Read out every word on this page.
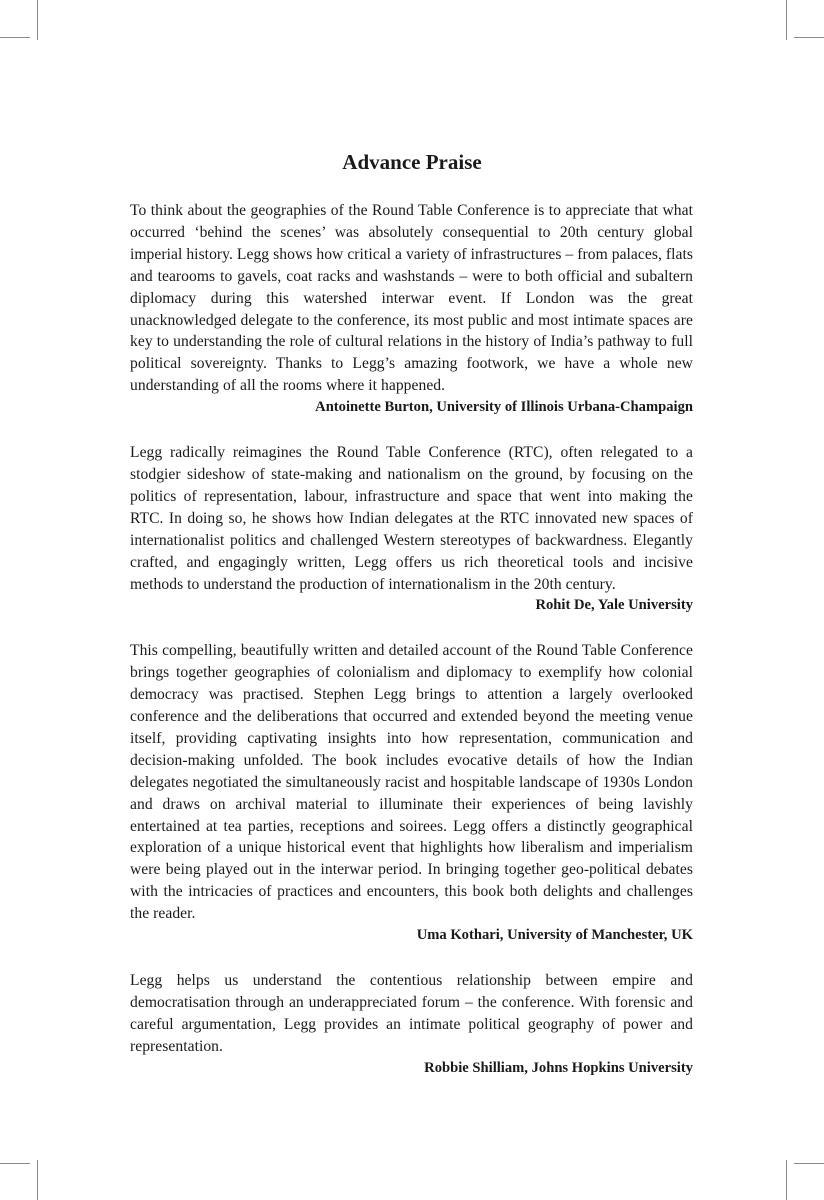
Advance Praise

To think about the geographies of the Round Table Conference is to appreciate that what occurred ‘behind the scenes’ was absolutely consequential to 20th century global imperial history. Legg shows how critical a variety of infrastructures – from palaces, flats and tearooms to gavels, coat racks and washstands – were to both official and subaltern diplomacy during this watershed interwar event. If London was the great unacknowledged delegate to the conference, its most public and most intimate spaces are key to understanding the role of cultural relations in the history of India’s pathway to full political sovereignty. Thanks to Legg’s amazing footwork, we have a whole new understanding of all the rooms where it happened.

Antoinette Burton, University of Illinois Urbana-Champaign

Legg radically reimagines the Round Table Conference (RTC), often relegated to a stodgier sideshow of state-making and nationalism on the ground, by focusing on the politics of representation, labour, infrastructure and space that went into making the RTC. In doing so, he shows how Indian delegates at the RTC innovated new spaces of internationalist politics and challenged Western stereotypes of backwardness. Elegantly crafted, and engagingly written, Legg offers us rich theoretical tools and incisive methods to understand the production of internationalism in the 20th century.

Rohit De, Yale University

This compelling, beautifully written and detailed account of the Round Table Conference brings together geographies of colonialism and diplomacy to exemplify how colonial democracy was practised. Stephen Legg brings to attention a largely overlooked conference and the deliberations that occurred and extended beyond the meeting venue itself, providing captivating insights into how representation, communication and decision-making unfolded. The book includes evocative details of how the Indian delegates negotiated the simultaneously racist and hospitable landscape of 1930s London and draws on archival material to illuminate their experiences of being lavishly entertained at tea parties, receptions and soirees. Legg offers a distinctly geographical exploration of a unique historical event that highlights how liberalism and imperialism were being played out in the interwar period. In bringing together geo-political debates with the intricacies of practices and encounters, this book both delights and challenges the reader.

Uma Kothari, University of Manchester, UK

Legg helps us understand the contentious relationship between empire and democratisation through an underappreciated forum – the conference. With forensic and careful argumentation, Legg provides an intimate political geography of power and representation.

Robbie Shilliam, Johns Hopkins University
